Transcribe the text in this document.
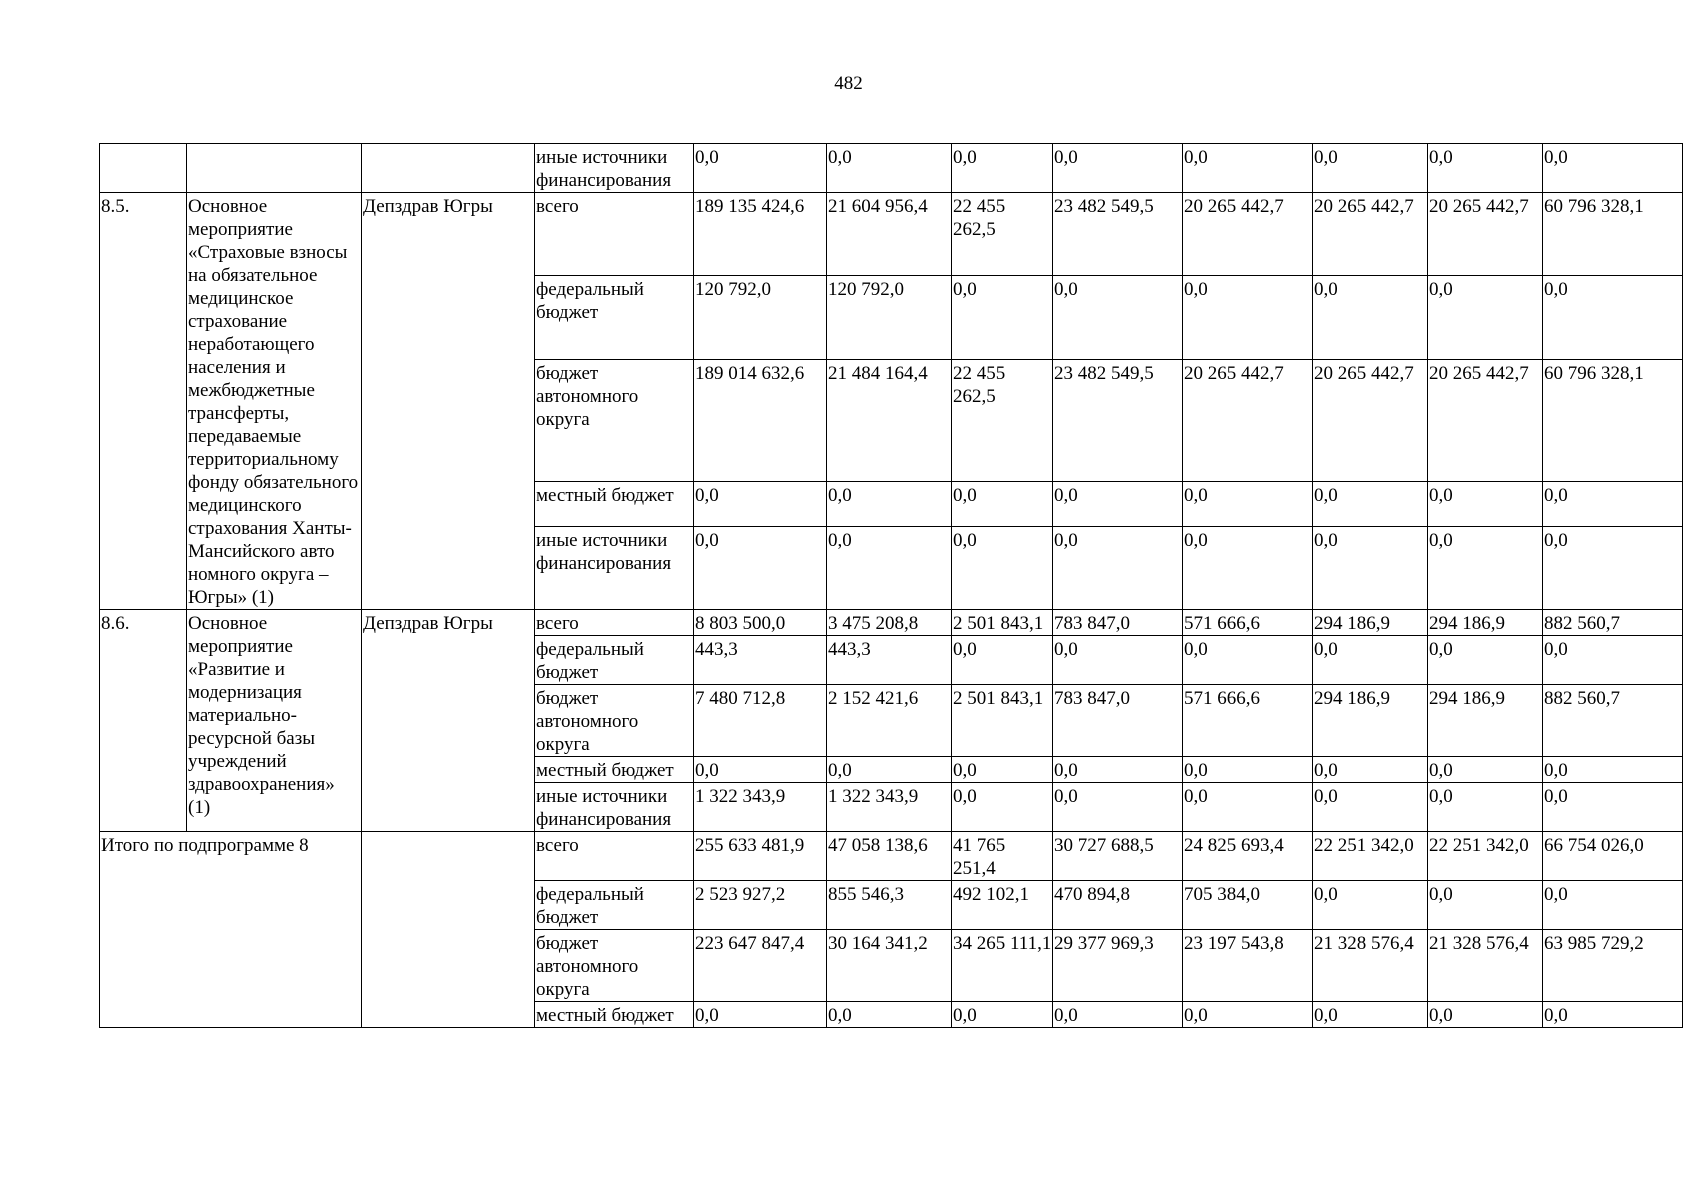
482
			иные источники финансирования	0,0	0,0	0,0	0,0	0,0	0,0	0,0	0,0
8.5.	Основное мероприятие «Страховые взносы на обязательное медицинское страхование неработающего населения и межбюджетные трансферты, передаваемые территориальному фонду обязательного медицинского страхования Ханты-Мансийского авто номного округа – Югры» (1)	Депздрав Югры	всего	189 135 424,6	21 604 956,4	22 455 262,5	23 482 549,5	20 265 442,7	20 265 442,7	20 265 442,7	60 796 328,1
			федеральный бюджет	120 792,0	120 792,0	0,0	0,0	0,0	0,0	0,0	0,0
			бюджет автономного округа	189 014 632,6	21 484 164,4	22 455 262,5	23 482 549,5	20 265 442,7	20 265 442,7	20 265 442,7	60 796 328,1
			местный бюджет	0,0	0,0	0,0	0,0	0,0	0,0	0,0	0,0
			иные источники финансирования	0,0	0,0	0,0	0,0	0,0	0,0	0,0	0,0
8.6.	Основное мероприятие «Развитие и модернизация материально-ресурсной базы учреждений здравоохранения» (1)	Депздрав Югры	всего	8 803 500,0	3 475 208,8	2 501 843,1	783 847,0	571 666,6	294 186,9	294 186,9	882 560,7
			федеральный бюджет	443,3	443,3	0,0	0,0	0,0	0,0	0,0	0,0
			бюджет автономного округа	7 480 712,8	2 152 421,6	2 501 843,1	783 847,0	571 666,6	294 186,9	294 186,9	882 560,7
			местный бюджет	0,0	0,0	0,0	0,0	0,0	0,0	0,0	0,0
			иные источники финансирования	1 322 343,9	1 322 343,9	0,0	0,0	0,0	0,0	0,0	0,0
Итого по подпрограмме 8			всего	255 633 481,9	47 058 138,6	41 765 251,4	30 727 688,5	24 825 693,4	22 251 342,0	22 251 342,0	66 754 026,0
			федеральный бюджет	2 523 927,2	855 546,3	492 102,1	470 894,8	705 384,0	0,0	0,0	0,0
			бюджет автономного округа	223 647 847,4	30 164 341,2	34 265 111,1	29 377 969,3	23 197 543,8	21 328 576,4	21 328 576,4	63 985 729,2
			местный бюджет	0,0	0,0	0,0	0,0	0,0	0,0	0,0	0,0
